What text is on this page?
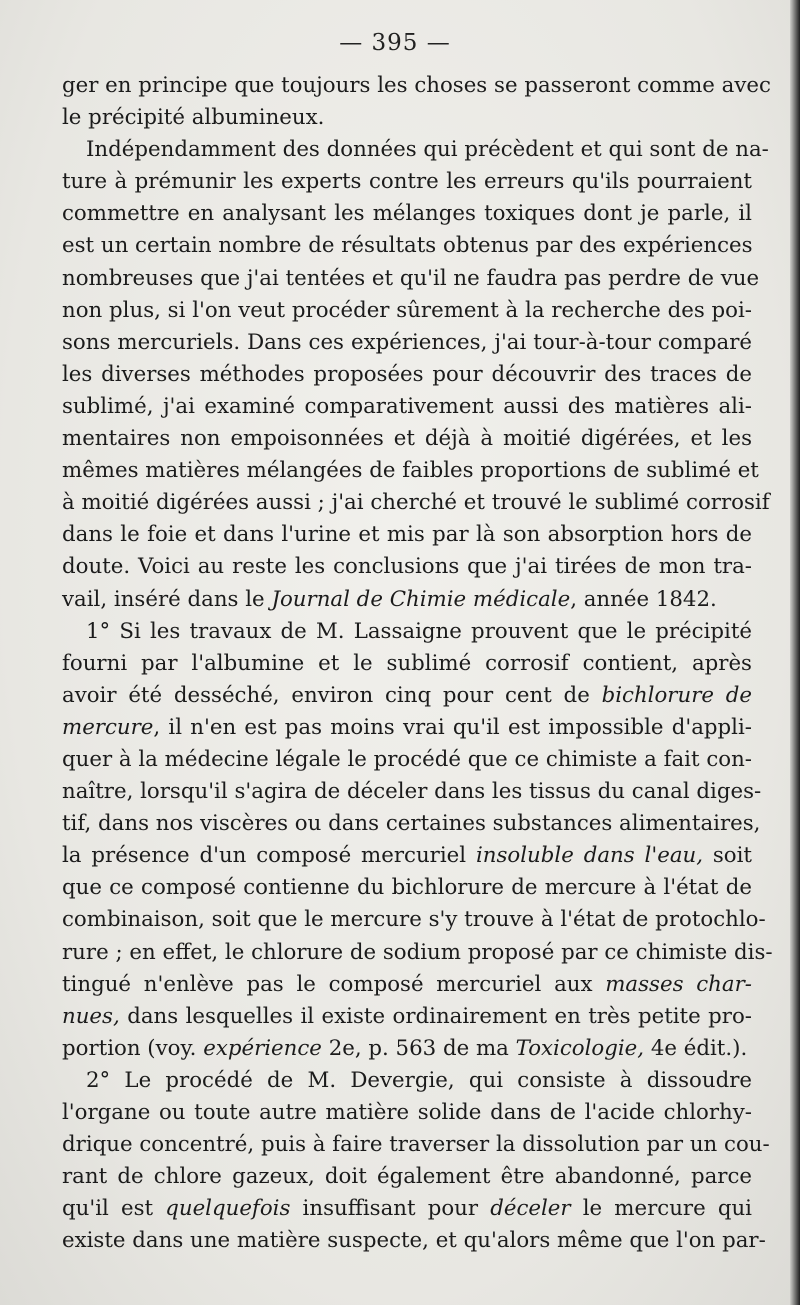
— 395 —
ger en principe que toujours les choses se passeront comme avec
le précipité albumineux.
Indépendamment des données qui précèdent et qui sont de na-
ture à prémunir les experts contre les erreurs qu'ils pourraient
commettre en analysant les mélanges toxiques dont je parle, il
est un certain nombre de résultats obtenus par des expériences
nombreuses que j'ai tentées et qu'il ne faudra pas perdre de vue
non plus, si l'on veut procéder sûrement à la recherche des poi-
sons mercuriels. Dans ces expériences, j'ai tour-à-tour comparé
les diverses méthodes proposées pour découvrir des traces de
sublimé, j'ai examiné comparativement aussi des matières ali-
mentaires non empoisonnées et déjà à moitié digérées, et les
mêmes matières mélangées de faibles proportions de sublimé et
à moitié digérées aussi ; j'ai cherché et trouvé le sublimé corrosif
dans le foie et dans l'urine et mis par là son absorption hors de
doute. Voici au reste les conclusions que j'ai tirées de mon tra-
vail, inséré dans le Journal de Chimie médicale, année 1842.
1° Si les travaux de M. Lassaigne prouvent que le précipité
fourni par l'albumine et le sublimé corrosif contient, après
avoir été desséché, environ cinq pour cent de bichlorure de
mercure, il n'en est pas moins vrai qu'il est impossible d'appli-
quer à la médecine légale le procédé que ce chimiste a fait con-
naître, lorsqu'il s'agira de déceler dans les tissus du canal diges-
tif, dans nos viscères ou dans certaines substances alimentaires,
la présence d'un composé mercuriel insoluble dans l'eau, soit
que ce composé contienne du bichlorure de mercure à l'état de
combinaison, soit que le mercure s'y trouve à l'état de protochlo-
rure ; en effet, le chlorure de sodium proposé par ce chimiste dis-
tingué n'enlève pas le composé mercuriel aux masses char-
nues, dans lesquelles il existe ordinairement en très petite pro-
portion (voy. expérience 2e, p. 563 de ma Toxicologie, 4e édit.).
2° Le procédé de M. Devergie, qui consiste à dissoudre
l'organe ou toute autre matière solide dans de l'acide chlorhy-
drique concentré, puis à faire traverser la dissolution par un cou-
rant de chlore gazeux, doit également être abandonné, parce
qu'il est quelquefois insuffisant pour déceler le mercure qui
existe dans une matière suspecte, et qu'alors même que l'on par-
